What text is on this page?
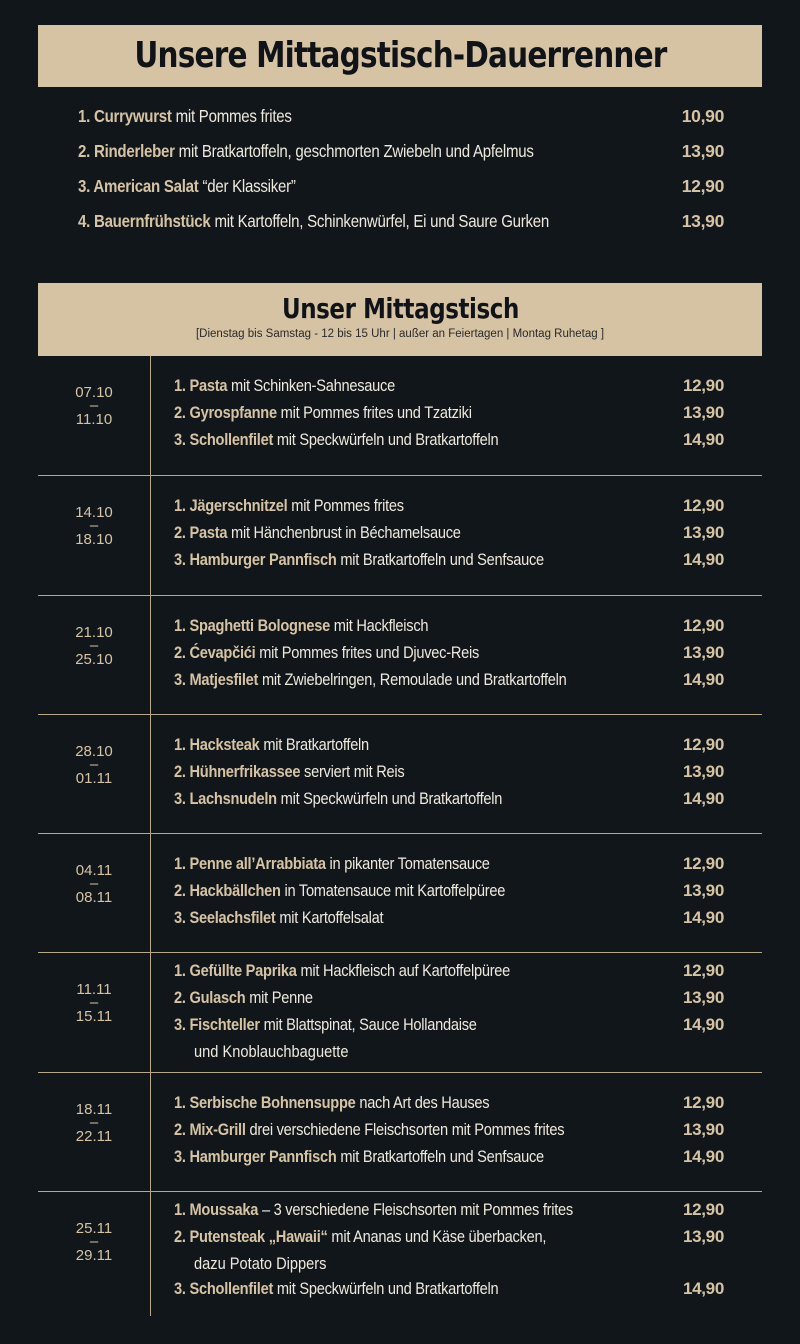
Unsere Mittagstisch-Dauerrenner
1. Currywurst mit Pommes frites	10,90
2. Rinderleber mit Bratkartoffeln, geschmorten Zwiebeln und Apfelmus	13,90
3. American Salat “der Klassiker”	12,90
4. Bauernfrühstück mit Kartoffeln, Schinkenwürfel, Ei und Saure Gurken	13,90
Unser Mittagstisch
[Dienstag bis Samstag - 12 bis 15 Uhr | außer an Feiertagen | Montag Ruhetag ]
07.10
–
11.10
1. Pasta mit Schinken-Sahnesauce	12,90
2. Gyrospfanne mit Pommes frites und Tzatziki	13,90
3. Schollenfilet mit Speckwürfeln und Bratkartoffeln	14,90
14.10
–
18.10
1. Jägerschnitzel mit Pommes frites	12,90
2. Pasta mit Hänchenbrust in Béchamelsauce	13,90
3. Hamburger Pannfisch mit Bratkartoffeln und Senfsauce	14,90
21.10
–
25.10
1. Spaghetti Bolognese mit Hackfleisch	12,90
2. Ćevapčići mit Pommes frites und Djuvec-Reis	13,90
3. Matjesfilet mit Zwiebelringen, Remoulade und Bratkartoffeln	14,90
28.10
–
01.11
1. Hacksteak mit Bratkartoffeln	12,90
2. Hühnerfrikassee serviert mit Reis	13,90
3. Lachsnudeln mit Speckwürfeln und Bratkartoffeln	14,90
04.11
–
08.11
1. Penne all’Arrabbiata in pikanter Tomatensauce	12,90
2. Hackbällchen in Tomatensauce mit Kartoffelpüree	13,90
3. Seelachsfilet mit Kartoffelsalat	14,90
11.11
–
15.11
1. Gefüllte Paprika mit Hackfleisch auf Kartoffelpüree	12,90
2. Gulasch mit Penne	13,90
3. Fischteller mit Blattspinat, Sauce Hollandaise	14,90
und Knoblauchbaguette
18.11
–
22.11
1. Serbische Bohnensuppe nach Art des Hauses	12,90
2. Mix-Grill drei verschiedene Fleischsorten mit Pommes frites	13,90
3. Hamburger Pannfisch mit Bratkartoffeln und Senfsauce	14,90
25.11
–
29.11
1. Moussaka – 3 verschiedene Fleischsorten mit Pommes frites	12,90
2. Putensteak „Hawaii“ mit Ananas und Käse überbacken,	13,90
dazu Potato Dippers
3. Schollenfilet mit Speckwürfeln und Bratkartoffeln	14,90
